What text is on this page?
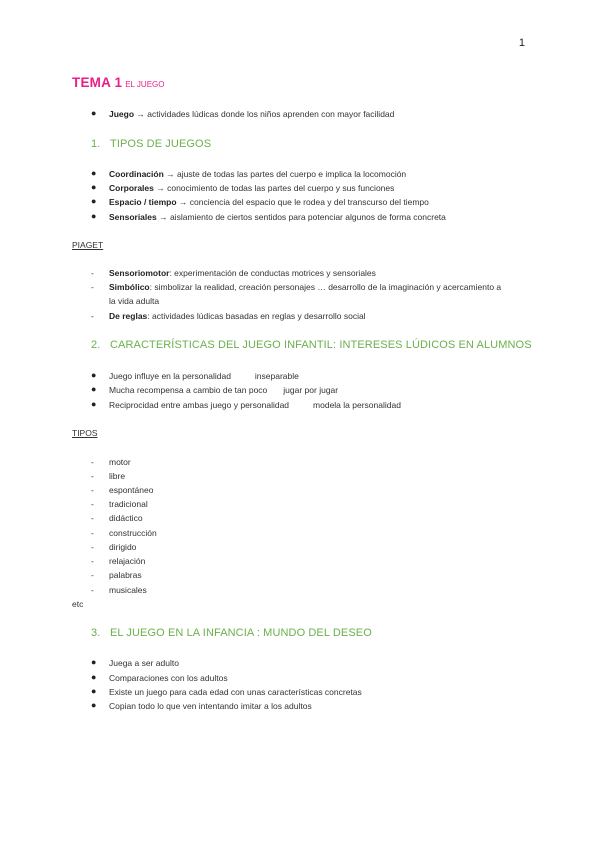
1
TEMA 1 EL JUEGO
● Juego → actividades lúdicas donde los niños aprenden con mayor facilidad
1. TIPOS DE JUEGOS
● Coordinación → ajuste de todas las partes del cuerpo e implica la locomoción
● Corporales → conocimiento de todas las partes del cuerpo y sus funciones
● Espacio / tiempo → conciencia del espacio que le rodea y del transcurso del tiempo
● Sensoriales → aislamiento de ciertos sentidos para potenciar algunos de forma concreta
PIAGET
- Sensoriomotor: experimentación de conductas motrices y sensoriales
- Simbólico: simbolizar la realidad, creación personajes … desarrollo de la imaginación y acercamiento a
la vida adulta
- De reglas: actividades lúdicas basadas en reglas y desarrollo social
2. CARACTERÍSTICAS DEL JUEGO INFANTIL: INTERESES LÚDICOS EN ALUMNOS
● Juego influye en la personalidad	inseparable
● Mucha recompensa a cambio de tan poco jugar por jugar
● Reciprocidad entre ambas juego y personalidad	modela la personalidad
TIPOS
- motor
- libre
- espontáneo
- tradicional
- didáctico
- construcción
- dirigido
- relajación
- palabras
- musicales
etc
3. EL JUEGO EN LA INFANCIA : MUNDO DEL DESEO
● Juega a ser adulto
● Comparaciones con los adultos
● Existe un juego para cada edad con unas características concretas
● Copian todo lo que ven intentando imitar a los adultos
